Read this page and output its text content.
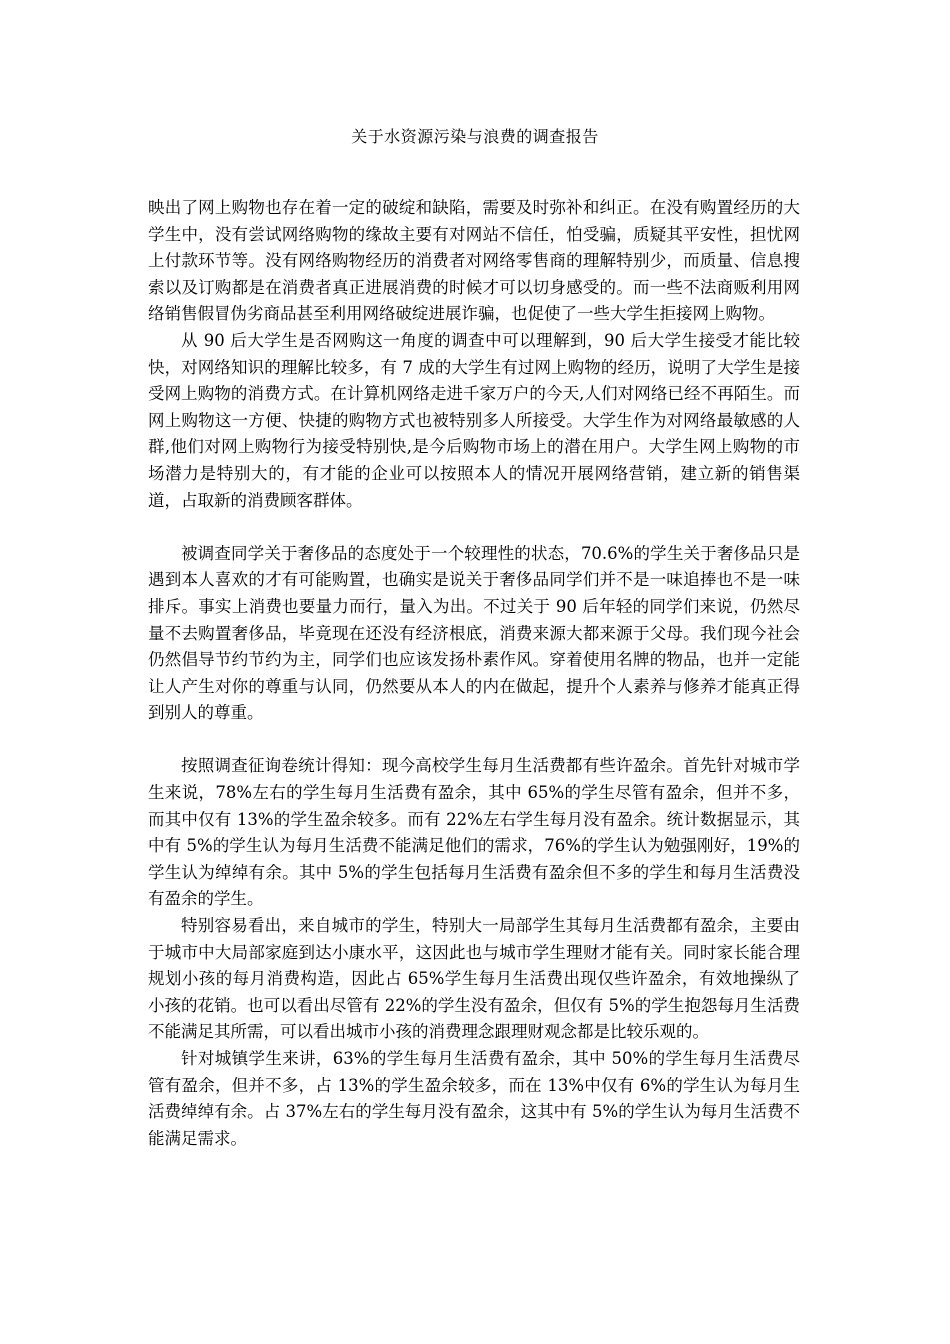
关于水资源污染与浪费的调查报告

映出了网上购物也存在着一定的破绽和缺陷，需要及时弥补和纠正。在没有购置经历的大学生中，没有尝试网络购物的缘故主要有对网站不信任，怕受骗，质疑其平安性，担忧网上付款环节等。没有网络购物经历的消费者对网络零售商的理解特别少，而质量、信息搜索以及订购都是在消费者真正进展消费的时候才可以切身感受的。而一些不法商贩利用网络销售假冒伪劣商品甚至利用网络破绽进展诈骗，也促使了一些大学生拒接网上购物。

从 90 后大学生是否网购这一角度的调查中可以理解到，90 后大学生接受才能比较快，对网络知识的理解比较多，有 7 成的大学生有过网上购物的经历，说明了大学生是接受网上购物的消费方式。在计算机网络走进千家万户的今天,人们对网络已经不再陌生。而网上购物这一方便、快捷的购物方式也被特别多人所接受。大学生作为对网络最敏感的人群,他们对网上购物行为接受特别快,是今后购物市场上的潜在用户。大学生网上购物的市场潜力是特别大的，有才能的企业可以按照本人的情况开展网络营销，建立新的销售渠道，占取新的消费顾客群体。

被调查同学关于奢侈品的态度处于一个较理性的状态，70.6%的学生关于奢侈品只是遇到本人喜欢的才有可能购置，也确实是说关于奢侈品同学们并不是一味追捧也不是一味排斥。事实上消费也要量力而行，量入为出。不过关于 90 后年轻的同学们来说，仍然尽量不去购置奢侈品，毕竟现在还没有经济根底，消费来源大都来源于父母。我们现今社会仍然倡导节约节约为主，同学们也应该发扬朴素作风。穿着使用名牌的物品，也并一定能让人产生对你的尊重与认同，仍然要从本人的内在做起，提升个人素养与修养才能真正得到别人的尊重。

按照调查征询卷统计得知：现今高校学生每月生活费都有些许盈余。首先针对城市学生来说，78%左右的学生每月生活费有盈余，其中 65%的学生尽管有盈余，但并不多，而其中仅有 13%的学生盈余较多。而有 22%左右学生每月没有盈余。统计数据显示，其中有 5%的学生认为每月生活费不能满足他们的需求，76%的学生认为勉强刚好，19%的学生认为绰绰有余。其中 5%的学生包括每月生活费有盈余但不多的学生和每月生活费没有盈余的学生。

特别容易看出，来自城市的学生，特别大一局部学生其每月生活费都有盈余，主要由于城市中大局部家庭到达小康水平，这因此也与城市学生理财才能有关。同时家长能合理规划小孩的每月消费构造，因此占 65%学生每月生活费出现仅些许盈余，有效地操纵了小孩的花销。也可以看出尽管有 22%的学生没有盈余，但仅有 5%的学生抱怨每月生活费不能满足其所需，可以看出城市小孩的消费理念跟理财观念都是比较乐观的。

针对城镇学生来讲，63%的学生每月生活费有盈余，其中 50%的学生每月生活费尽管有盈余，但并不多，占 13%的学生盈余较多，而在 13%中仅有 6%的学生认为每月生活费绰绰有余。占 37%左右的学生每月没有盈余，这其中有 5%的学生认为每月生活费不能满足需求。
